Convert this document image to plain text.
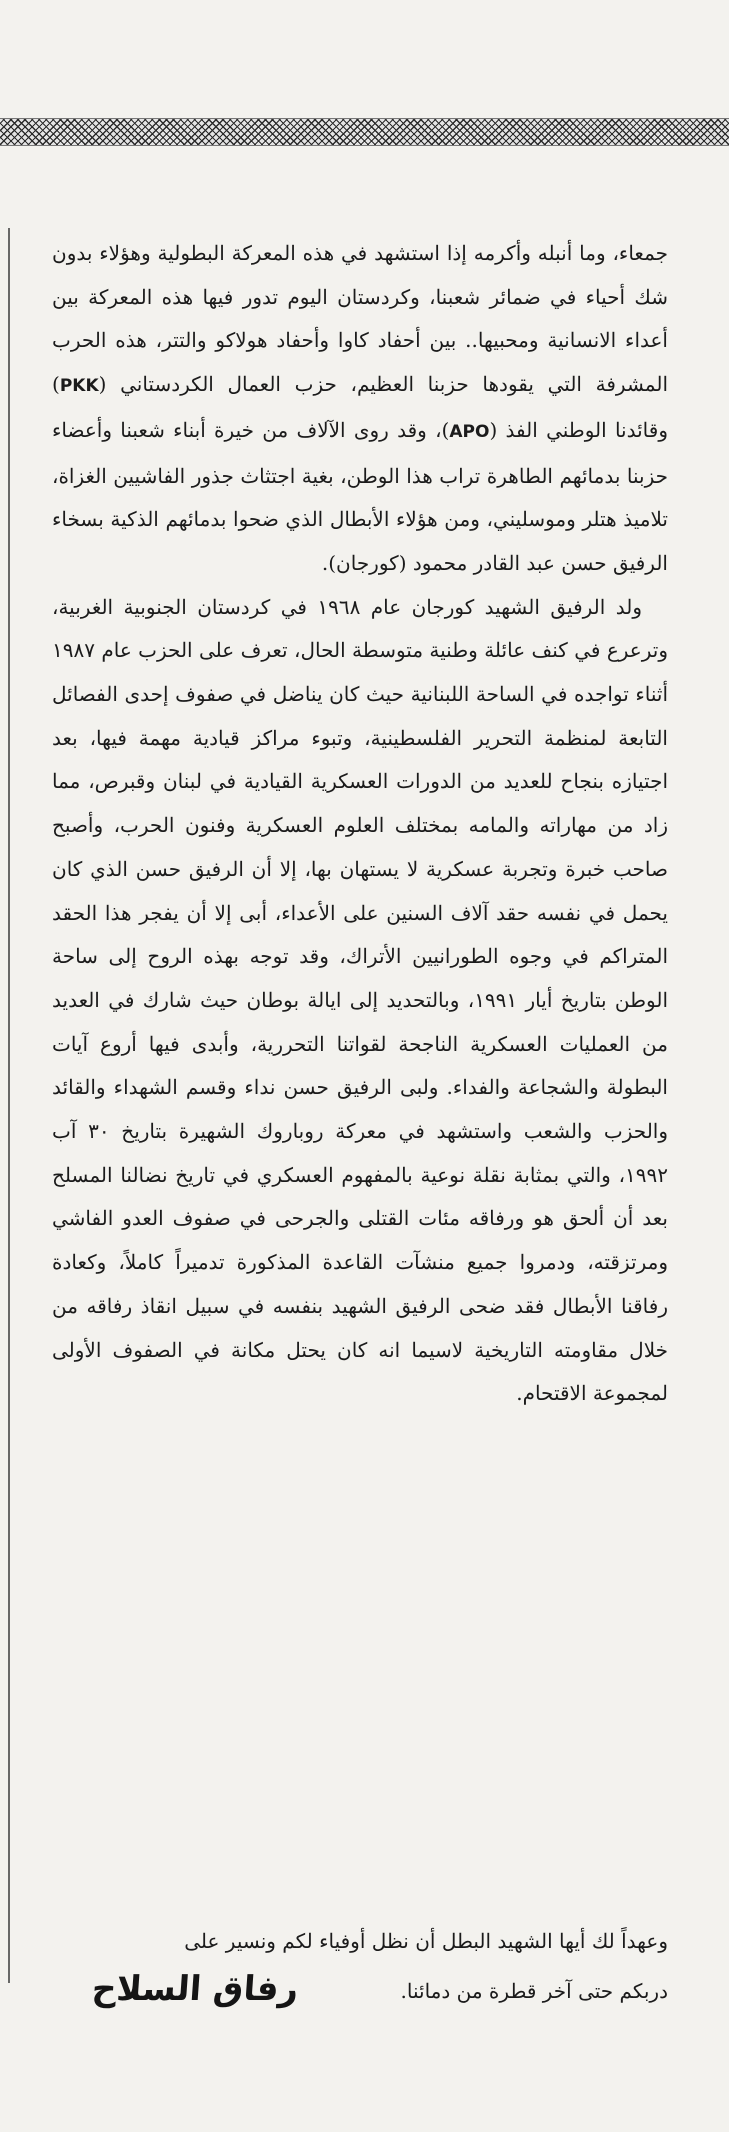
جمعاء، وما أنبله وأكرمه إذا استشهد في هذه المعركة البطولية وهؤلاء بدون شك أحياء في ضمائر شعبنا، وكردستان اليوم تدور فيها هذه المعركة بين أعداء الانسانية ومحبيها.. بين أحفاد كاوا وأحفاد هولاكو والتتر، هذه الحرب المشرفة التي يقودها حزبنا العظيم، حزب العمال الكردستاني (PKK) وقائدنا الوطني الفذ (APO)، وقد روى الآلاف من خيرة أبناء شعبنا وأعضاء حزبنا بدمائهم الطاهرة تراب هذا الوطن، بغية اجتثاث جذور الفاشيين الغزاة، تلاميذ هتلر وموسليني، ومن هؤلاء الأبطال الذي ضحوا بدمائهم الذكية بسخاء الرفيق حسن عبد القادر محمود (كورجان).

ولد الرفيق الشهيد كورجان عام ١٩٦٨ في كردستان الجنوبية الغربية، وترعرع في كنف عائلة وطنية متوسطة الحال، تعرف على الحزب عام ١٩٨٧ أثناء تواجده في الساحة اللبنانية حيث كان يناضل في صفوف إحدى الفصائل التابعة لمنظمة التحرير الفلسطينية، وتبوء مراكز قيادية مهمة فيها، بعد اجتيازه بنجاح للعديد من الدورات العسكرية القيادية في لبنان وقبرص، مما زاد من مهاراته والمامه بمختلف العلوم العسكرية وفنون الحرب، وأصبح صاحب خبرة وتجربة عسكرية لا يستهان بها، إلا أن الرفيق حسن الذي كان يحمل في نفسه حقد آلاف السنين على الأعداء، أبى إلا أن يفجر هذا الحقد المتراكم في وجوه الطورانيين الأتراك، وقد توجه بهذه الروح إلى ساحة الوطن بتاريخ أيار ١٩٩١، وبالتحديد إلى ايالة بوطان حيث شارك في العديد من العمليات العسكرية الناجحة لقواتنا التحررية، وأبدى فيها أروع آيات البطولة والشجاعة والفداء. ولبى الرفيق حسن نداء وقسم الشهداء والقائد والحزب والشعب واستشهد في معركة روباروك الشهيرة بتاريخ ٣٠ آب ١٩٩٢، والتي بمثابة نقلة نوعية بالمفهوم العسكري في تاريخ نضالنا المسلح بعد أن ألحق هو ورفاقه مئات القتلى والجرحى في صفوف العدو الفاشي ومرتزقته، ودمروا جميع منشآت القاعدة المذكورة تدميراً كاملاً، وكعادة رفاقنا الأبطال فقد ضحى الرفيق الشهيد بنفسه في سبيل انقاذ رفاقه من خلال مقاومته التاريخية لاسيما انه كان يحتل مكانة في الصفوف الأولى لمجموعة الاقتحام.

وعهداً لك أيها الشهيد البطل أن نظل أوفياء لكم ونسير على

دربكم حتى آخر قطرة من دمائنا.
رفاق السلاح
